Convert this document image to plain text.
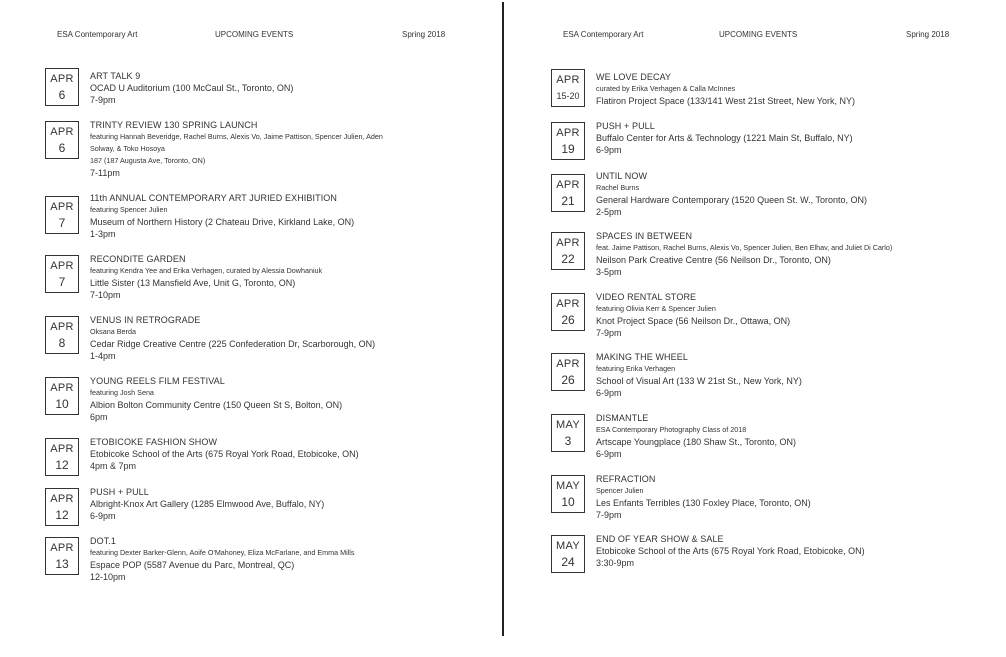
ESA Contemporary Art	UPCOMING EVENTS	Spring 2018
APR
6
ART TALK 9
OCAD U Auditorium (100 McCaul St., Toronto, ON)
7-9pm
APR
6
TRINTY REVIEW 130 SPRING LAUNCH
featuring Hannah Beveridge, Rachel Burns, Alexis Vo, Jaime Pattison, Spencer Julien, Aden
Solway, & Toko Hosoya
187 (187 Augusta Ave, Toronto, ON)
7-11pm
APR
7
11th ANNUAL CONTEMPORARY ART JURIED EXHIBITION
featuring Spencer Julien
Museum of Northern History (2 Chateau Drive, Kirkland Lake, ON)
1-3pm
APR
7
RECONDITE GARDEN
featuring Kendra Yee and Erika Verhagen, curated by Alessia Dowhaniuk
Little Sister (13 Mansfield Ave, Unit G, Toronto, ON)
7-10pm
APR
8
VENUS IN RETROGRADE
Oksana Berda
Cedar Ridge Creative Centre (225 Confederation Dr, Scarborough, ON)
1-4pm
APR
10
YOUNG REELS FILM FESTIVAL
featuring Josh Sena
Albion Bolton Community Centre (150 Queen St S, Bolton, ON)
6pm
APR
12
ETOBICOKE FASHION SHOW
Etobicoke School of the Arts (675 Royal York Road, Etobicoke, ON)
4pm & 7pm
APR
12
PUSH + PULL
Albright-Knox Art Gallery (1285 Elmwood Ave, Buffalo, NY)
6-9pm
APR
13
DOT.1
featuring Dexter Barker-Glenn, Aoife O'Mahoney, Eliza McFarlane, and Emma Mills
Espace POP (5587 Avenue du Parc, Montreal, QC)
12-10pm
ESA Contemporary Art	UPCOMING EVENTS	Spring 2018
APR
15-20
WE LOVE DECAY
curated by Erika Verhagen & Calla McInnes
Flatiron Project Space (133/141 West 21st Street, New York, NY)
APR
19
PUSH + PULL
Buffalo Center for Arts & Technology (1221 Main St, Buffalo, NY)
6-9pm
APR
21
UNTIL NOW
Rachel Burns
General Hardware Contemporary (1520 Queen St. W., Toronto, ON)
2-5pm
APR
22
SPACES IN BETWEEN
feat. Jaime Pattison, Rachel Burns, Alexis Vo, Spencer Julien, Ben Elhav, and Juliet Di Carlo)
Neilson Park Creative Centre (56 Neilson Dr., Toronto, ON)
3-5pm
APR
26
VIDEO RENTAL STORE
featuring Olivia Kerr & Spencer Julien
Knot Project Space (56 Neilson Dr., Ottawa, ON)
7-9pm
APR
26
MAKING THE WHEEL
featuring Erika Verhagen
School of Visual Art (133 W 21st St., New York, NY)
6-9pm
MAY
3
DISMANTLE
ESA Contemporary Photography Class of 2018
Artscape Youngplace (180 Shaw St., Toronto, ON)
6-9pm
MAY
10
REFRACTION
Spencer Julien
Les Enfants Terribles (130 Foxley Place, Toronto, ON)
7-9pm
MAY
24
END OF YEAR SHOW & SALE
Etobicoke School of the Arts (675 Royal York Road, Etobicoke, ON)
3:30-9pm
